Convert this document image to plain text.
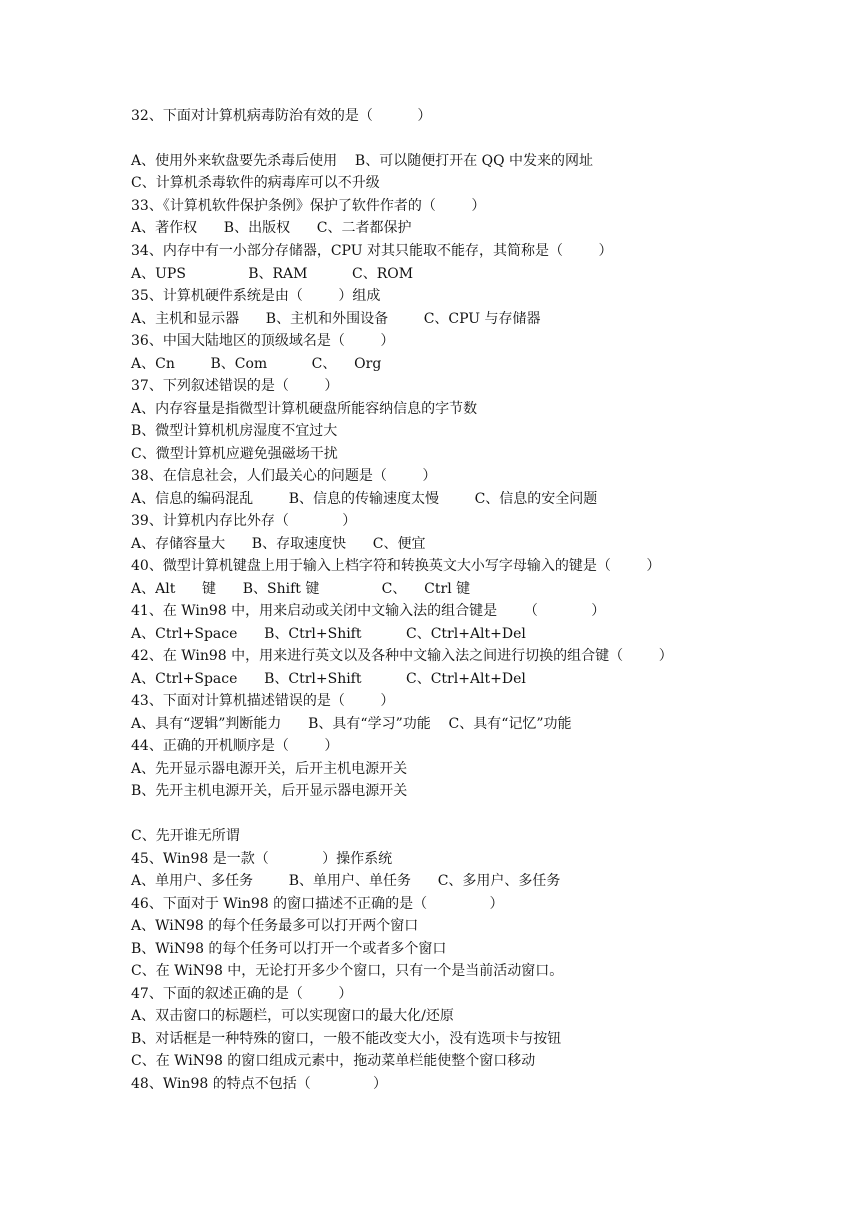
32、下面对计算机病毒防治有效的是（          ）
A、使用外来软盘要先杀毒后使用    B、可以随便打开在 QQ 中发来的网址
C、计算机杀毒软件的病毒库可以不升级
33、《计算机软件保护条例》保护了软件作者的（        ）
A、著作权      B、出版权      C、二者都保护
34、内存中有一小部分存储器，CPU 对其只能取不能存，其简称是（        ）
A、UPS              B、RAM          C、ROM
35、计算机硬件系统是由（        ）组成
A、主机和显示器      B、主机和外围设备        C、CPU 与存储器
36、中国大陆地区的顶级域名是（        ）
A、Cn        B、Com          C、    Org
37、下列叙述错误的是（        ）
A、内存容量是指微型计算机硬盘所能容纳信息的字节数
B、微型计算机机房湿度不宜过大
C、微型计算机应避免强磁场干扰
38、在信息社会，人们最关心的问题是（        ）
A、信息的编码混乱        B、信息的传输速度太慢        C、信息的安全问题
39、计算机内存比外存（            ）
A、存储容量大      B、存取速度快      C、便宜
40、微型计算机键盘上用于输入上档字符和转换英文大小写字母输入的键是（        ）
A、Alt      键      B、Shift 键              C、    Ctrl 键
41、在 Win98 中，用来启动或关闭中文输入法的组合键是      （            ）
A、Ctrl+Space      B、Ctrl+Shift          C、Ctrl+Alt+Del
42、在 Win98 中，用来进行英文以及各种中文输入法之间进行切换的组合键（        ）
A、Ctrl+Space      B、Ctrl+Shift          C、Ctrl+Alt+Del
43、下面对计算机描述错误的是（        ）
A、具有“逻辑”判断能力      B、具有“学习”功能    C、具有“记忆”功能
44、正确的开机顺序是（        ）
A、先开显示器电源开关，后开主机电源开关
B、先开主机电源开关，后开显示器电源开关
C、先开谁无所谓
45、Win98 是一款（            ）操作系统
A、单用户、多任务        B、单用户、单任务      C、多用户、多任务
46、下面对于 Win98 的窗口描述不正确的是（              ）
A、WiN98 的每个任务最多可以打开两个窗口
B、WiN98 的每个任务可以打开一个或者多个窗口
C、在 WiN98 中，无论打开多少个窗口，只有一个是当前活动窗口。
47、下面的叙述正确的是（        ）
A、双击窗口的标题栏，可以实现窗口的最大化/还原
B、对话框是一种特殊的窗口，一般不能改变大小，没有选项卡与按钮
C、在 WiN98 的窗口组成元素中，拖动菜单栏能使整个窗口移动
48、Win98 的特点不包括（              ）
